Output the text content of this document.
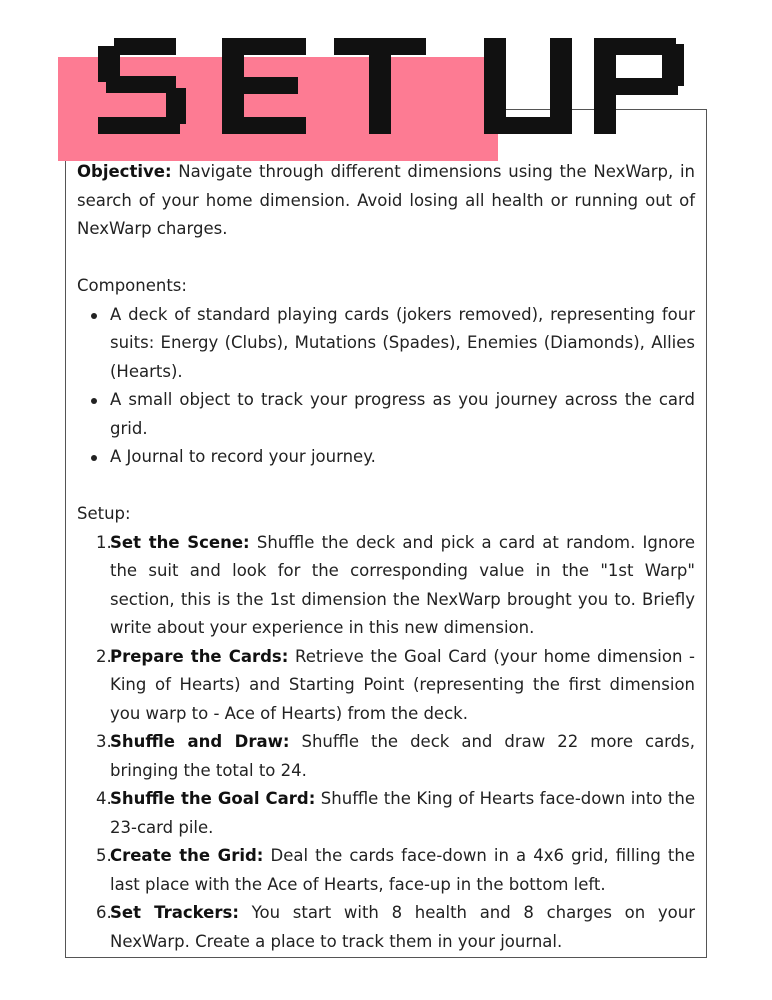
Objective: Navigate through different dimensions using the NexWarp, in search of your home dimension. Avoid losing all health or running out of NexWarp charges.

Components:

A deck of standard playing cards (jokers removed), representing four suits: Energy (Clubs), Mutations (Spades), Enemies (Diamonds), Allies (Hearts).
A small object to track your progress as you journey across the card grid.
A Journal to record your journey.

Setup:

1.
Set the Scene: Shuffle the deck and pick a card at random. Ignore the suit and look for the corresponding value in the "1st Warp" section, this is the 1st dimension the NexWarp brought you to. Briefly write about your experience in this new dimension.
2.
Prepare the Cards: Retrieve the Goal Card (your home dimension - King of Hearts) and Starting Point (representing the first dimension you warp to - Ace of Hearts) from the deck.
3.
Shuffle and Draw: Shuffle the deck and draw 22 more cards, bringing the total to 24.
4.
Shuffle the Goal Card: Shuffle the King of Hearts face-down into the 23-card pile.
5.
Create the Grid: Deal the cards face-down in a 4x6 grid, filling the last place with the Ace of Hearts, face-up in the bottom left.
6.
Set Trackers: You start with 8 health and 8 charges on your NexWarp. Create a place to track them in your journal.
